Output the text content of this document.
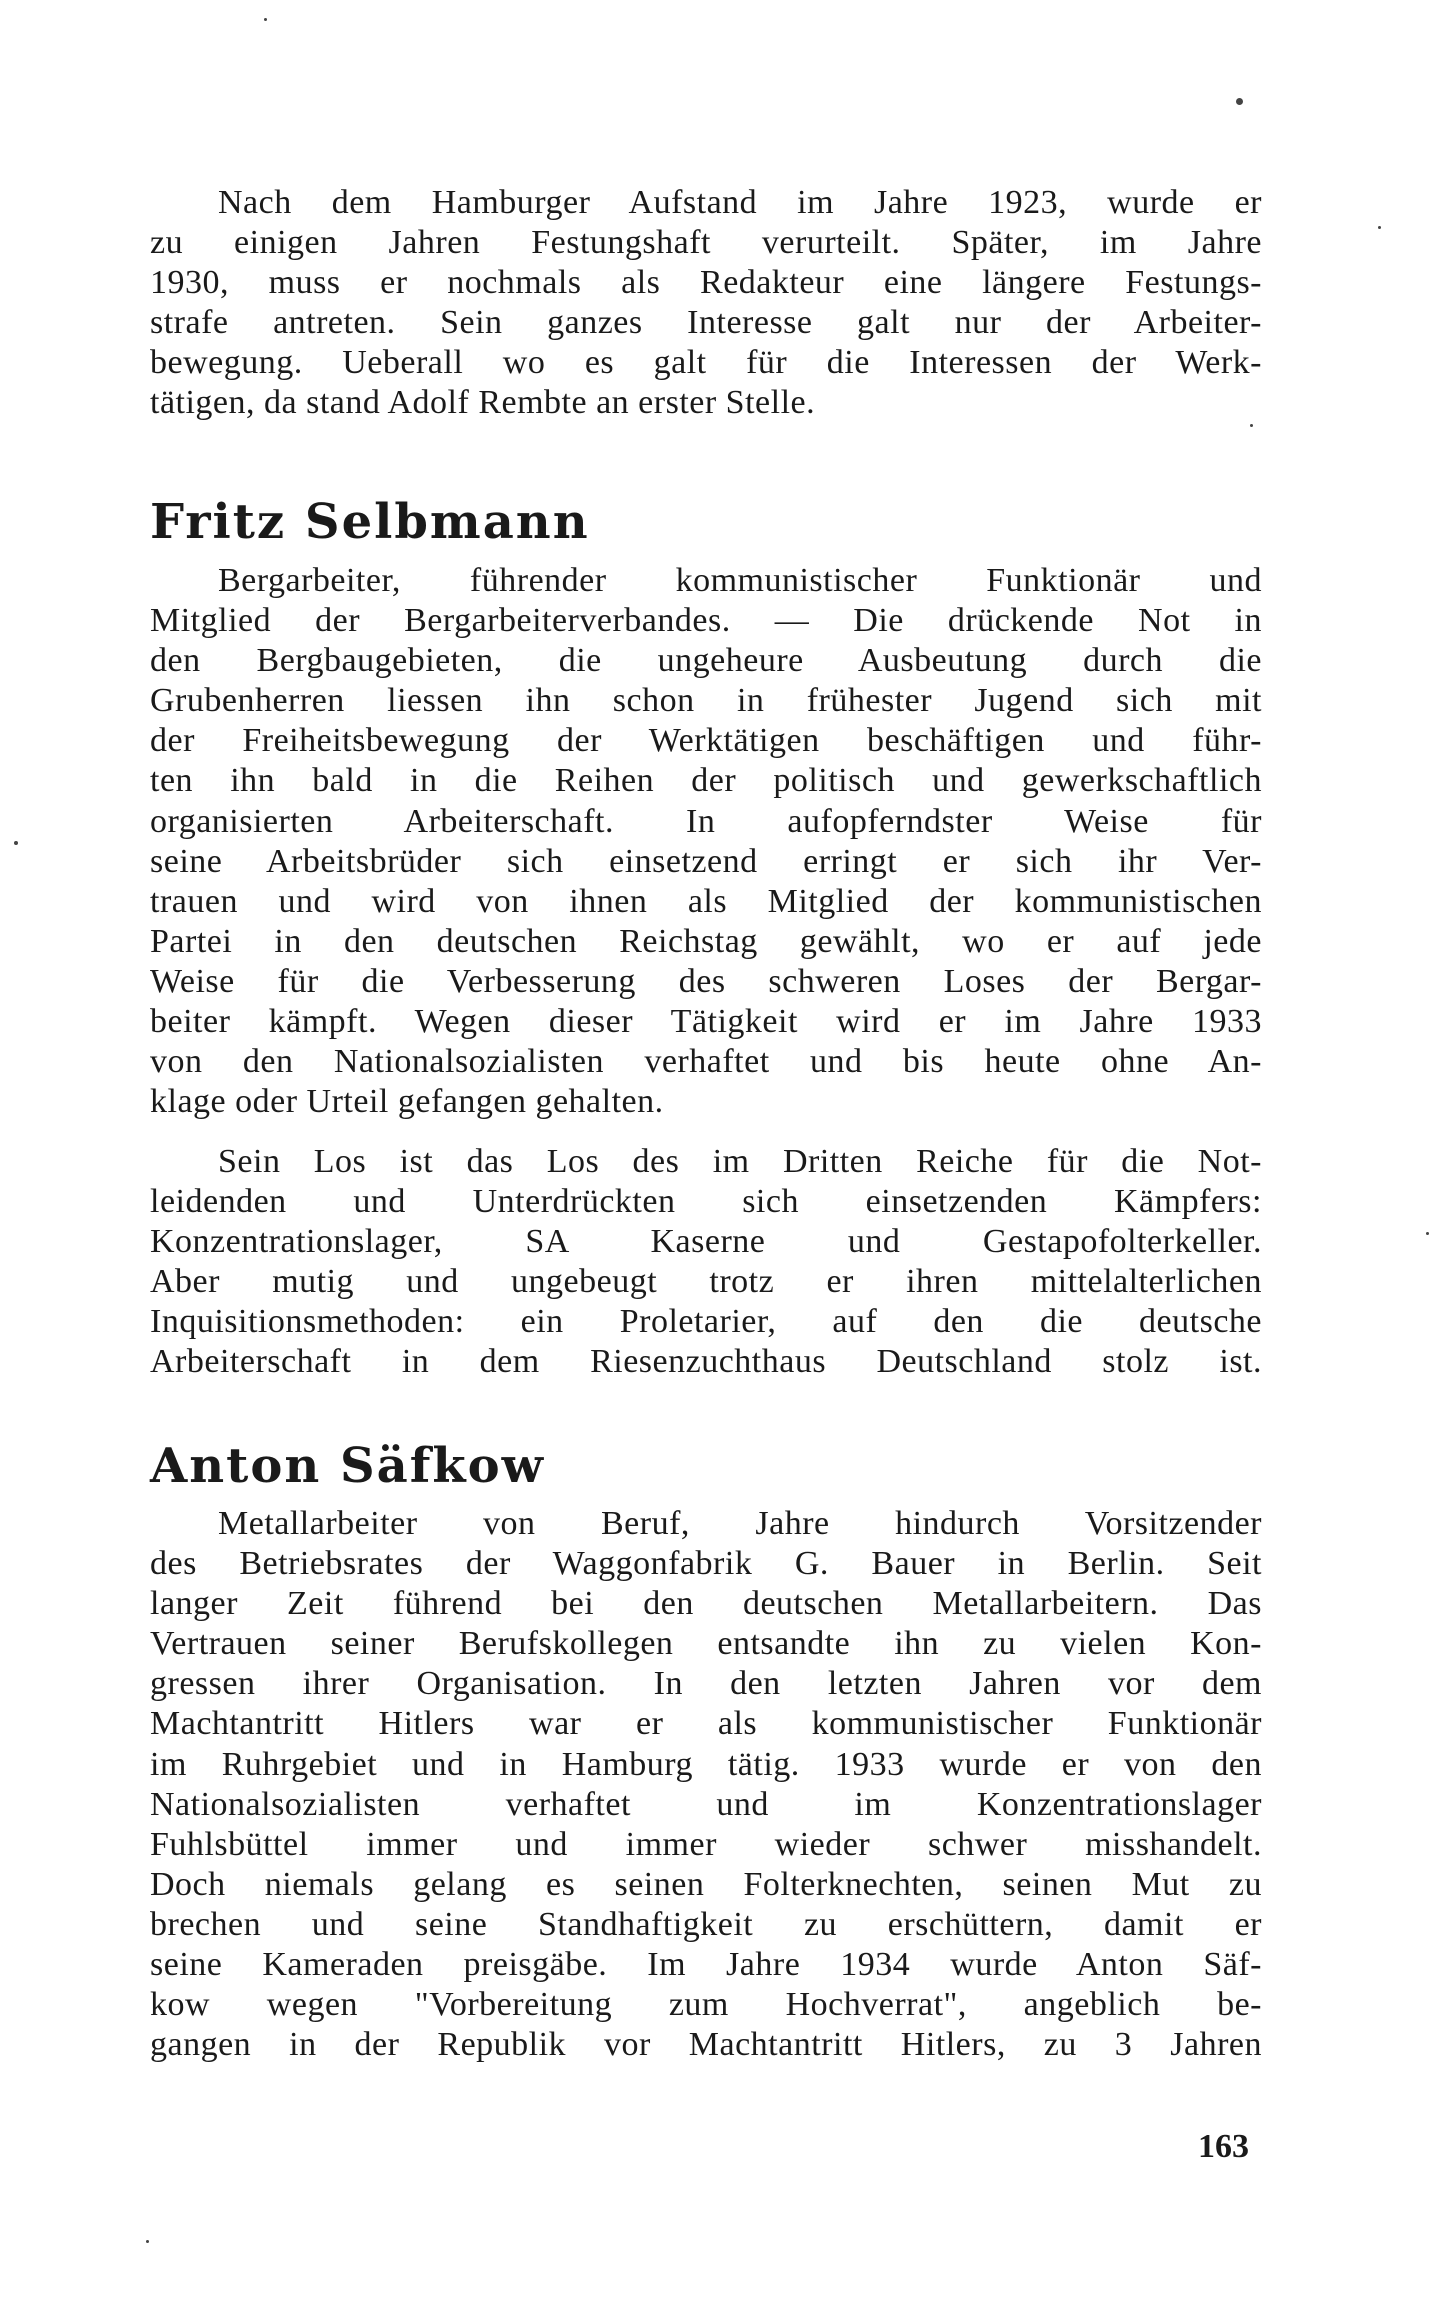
Nach dem Hamburger Aufstand im Jahre 1923, wurde er
zu einigen Jahren Festungshaft verurteilt. Später, im Jahre
1930, muss er nochmals als Redakteur eine längere Festungs-
strafe antreten. Sein ganzes Interesse galt nur der Arbeiter-
bewegung. Ueberall wo es galt für die Interessen der Werk-
tätigen, da stand Adolf Rembte an erster Stelle.
Fritz Selbmann
Bergarbeiter, führender kommunistischer Funktionär und
Mitglied der Bergarbeiterverbandes. — Die drückende Not in
den Bergbaugebieten, die ungeheure Ausbeutung durch die
Grubenherren liessen ihn schon in frühester Jugend sich mit
der Freiheitsbewegung der Werktätigen beschäftigen und führ-
ten ihn bald in die Reihen der politisch und gewerkschaftlich
organisierten Arbeiterschaft. In aufopferndster Weise für
seine Arbeitsbrüder sich einsetzend erringt er sich ihr Ver-
trauen und wird von ihnen als Mitglied der kommunistischen
Partei in den deutschen Reichstag gewählt, wo er auf jede
Weise für die Verbesserung des schweren Loses der Bergar-
beiter kämpft. Wegen dieser Tätigkeit wird er im Jahre 1933
von den Nationalsozialisten verhaftet und bis heute ohne An-
klage oder Urteil gefangen gehalten.
Sein Los ist das Los des im Dritten Reiche für die Not-
leidenden und Unterdrückten sich einsetzenden Kämpfers:
Konzentrationslager, SA Kaserne und Gestapofolterkeller.
Aber mutig und ungebeugt trotz er ihren mittelalterlichen
Inquisitionsmethoden: ein Proletarier, auf den die deutsche
Arbeiterschaft in dem Riesenzuchthaus Deutschland stolz ist.
Anton Säfkow
Metallarbeiter von Beruf, Jahre hindurch Vorsitzender
des Betriebsrates der Waggonfabrik G. Bauer in Berlin. Seit
langer Zeit führend bei den deutschen Metallarbeitern. Das
Vertrauen seiner Berufskollegen entsandte ihn zu vielen Kon-
gressen ihrer Organisation. In den letzten Jahren vor dem
Machtantritt Hitlers war er als kommunistischer Funktionär
im Ruhrgebiet und in Hamburg tätig. 1933 wurde er von den
Nationalsozialisten verhaftet und im Konzentrationslager
Fuhlsbüttel immer und immer wieder schwer misshandelt.
Doch niemals gelang es seinen Folterknechten, seinen Mut zu
brechen und seine Standhaftigkeit zu erschüttern, damit er
seine Kameraden preisgäbe. Im Jahre 1934 wurde Anton Säf-
kow wegen "Vorbereitung zum Hochverrat", angeblich be-
gangen in der Republik vor Machtantritt Hitlers, zu 3 Jahren
163
